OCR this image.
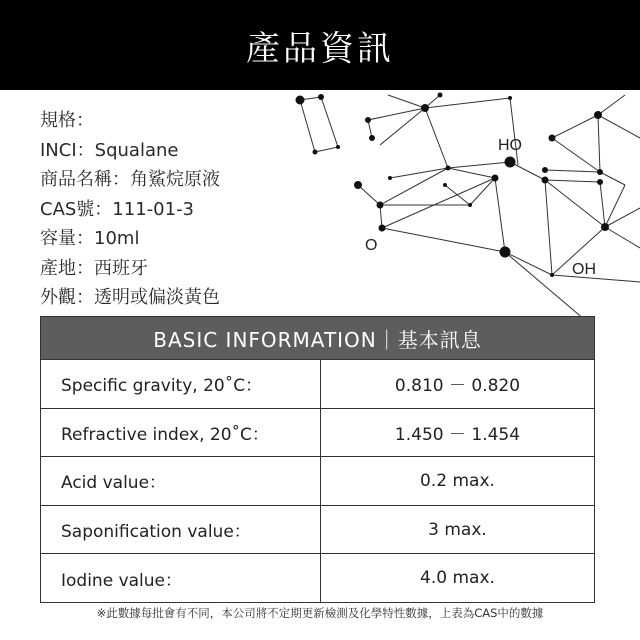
產品資訊
HO
O
OH
規格：
INCI：Squalane
商品名稱：角鯊烷原液
CAS號：111-01-3
容量：10ml
產地：西班牙
外觀：透明或偏淡黃色
BASIC INFORMATION｜基本訊息
Specific gravity, 20˚C：	0.810 － 0.820
Refractive index, 20˚C：	1.450 － 1.454
Acid value：	0.2 max.
Saponification value：	3 max.
Iodine value：	4.0 max.
※此數據每批會有不同，本公司將不定期更新檢測及化學特性數據，上表為CAS中的數據
